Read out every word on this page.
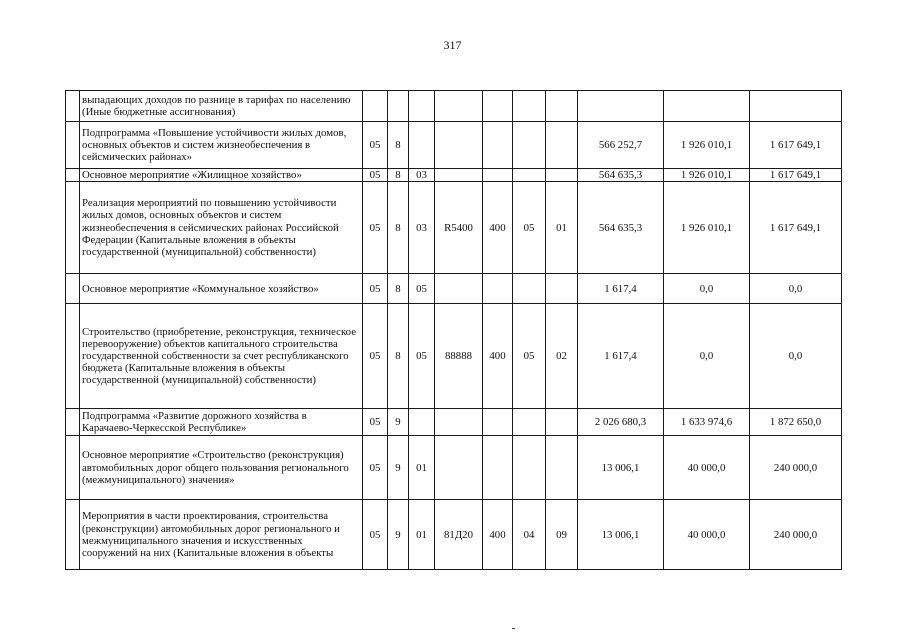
317
	выпадающих доходов по разнице в тарифах по населению (Иные бюджетные ассигнования)										
	Подпрограмма «Повышение устойчивости жилых домов, основных объектов и систем жизнеобеспечения в сейсмических районах»	05	8						566 252,7	1 926 010,1	1 617 649,1
	Основное мероприятие «Жилищное хозяйство»	05	8	03					564 635,3	1 926 010,1	1 617 649,1
	Реализация мероприятий по повышению устойчивости жилых домов, основных объектов и систем жизнеобеспечения в сейсмических районах Российской Федерации (Капитальные вложения в объекты государственной (муниципальной) собственности)	05	8	03	R5400	400	05	01	564 635,3	1 926 010,1	1 617 649,1
	Основное мероприятие «Коммунальное хозяйство»	05	8	05					1 617,4	0,0	0,0
	Строительство (приобретение, реконструкция, техническое перевооружение) объектов капитального строительства государственной собственности за счет республиканского бюджета (Капитальные вложения в объекты государственной (муниципальной) собственности)	05	8	05	88888	400	05	02	1 617,4	0,0	0,0
	Подпрограмма «Развитие дорожного хозяйства в Карачаево-Черкесской Республике»	05	9						2 026 680,3	1 633 974,6	1 872 650,0
	Основное мероприятие «Строительство (реконструкция) автомобильных дорог общего пользования регионального (межмуниципального) значения»	05	9	01					13 006,1	40 000,0	240 000,0
	Мероприятия в части проектирования, строительства (реконструкции) автомобильных дорог регионального и межмуниципального значения и искусственных сооружений на них (Капитальные вложения в объекты	05	9	01	81Д20	400	04	09	13 006,1	40 000,0	240 000,0
